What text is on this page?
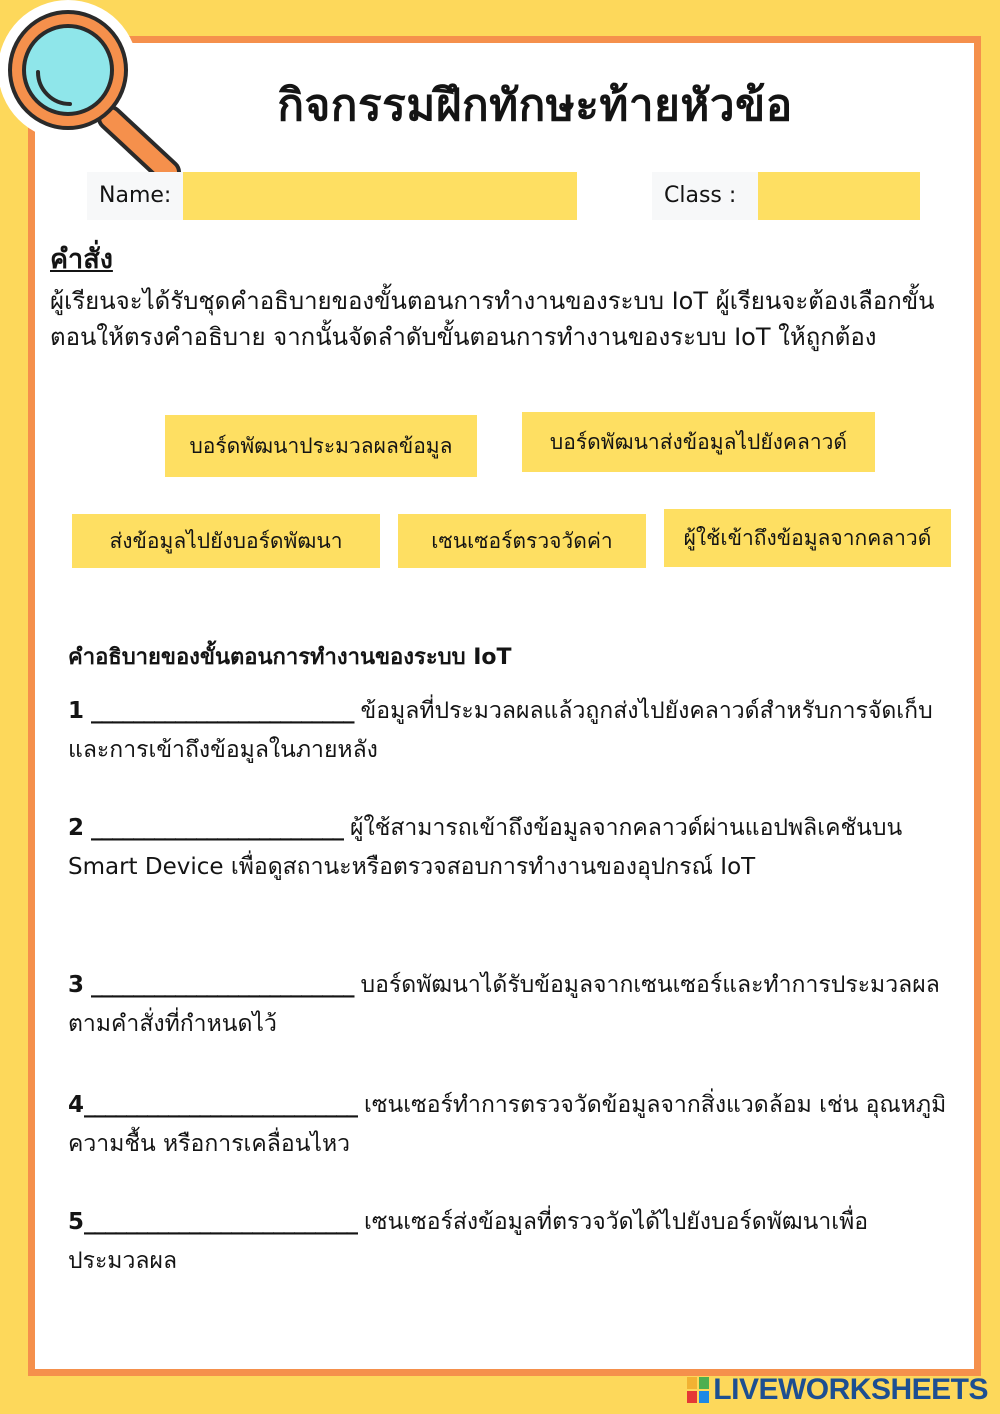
กิจกรรมฝึกทักษะท้ายหัวข้อ
Name:	Class :
คำสั่ง
ผู้เรียนจะได้รับชุดคำอธิบายของขั้นตอนการทำงานของระบบ IoT ผู้เรียนจะต้องเลือกขั้นตอนให้ตรงคำอธิบาย จากนั้นจัดลำดับขั้นตอนการทำงานของระบบ IoT ให้ถูกต้อง
บอร์ดพัฒนาประมวลผลข้อมูล	บอร์ดพัฒนาส่งข้อมูลไปยังคลาวด์
ส่งข้อมูลไปยังบอร์ดพัฒนา	เซนเซอร์ตรวจวัดค่า	ผู้ใช้เข้าถึงข้อมูลจากคลาวด์
คำอธิบายของขั้นตอนการทำงานของระบบ IoT
1 _________________________ ข้อมูลที่ประมวลผลแล้วถูกส่งไปยังคลาวด์สำหรับการจัดเก็บและการเข้าถึงข้อมูลในภายหลัง
2 ________________________ ผู้ใช้สามารถเข้าถึงข้อมูลจากคลาวด์ผ่านแอปพลิเคชันบน Smart Device เพื่อดูสถานะหรือตรวจสอบการทำงานของอุปกรณ์ IoT
3 _________________________ บอร์ดพัฒนาได้รับข้อมูลจากเซนเซอร์และทำการประมวลผลตามคำสั่งที่กำหนดไว้
4__________________________ เซนเซอร์ทำการตรวจวัดข้อมูลจากสิ่งแวดล้อม เช่น อุณหภูมิ ความชื้น หรือการเคลื่อนไหว
5__________________________ เซนเซอร์ส่งข้อมูลที่ตรวจวัดได้ไปยังบอร์ดพัฒนาเพื่อประมวลผล
LIVEWORKSHEETS
